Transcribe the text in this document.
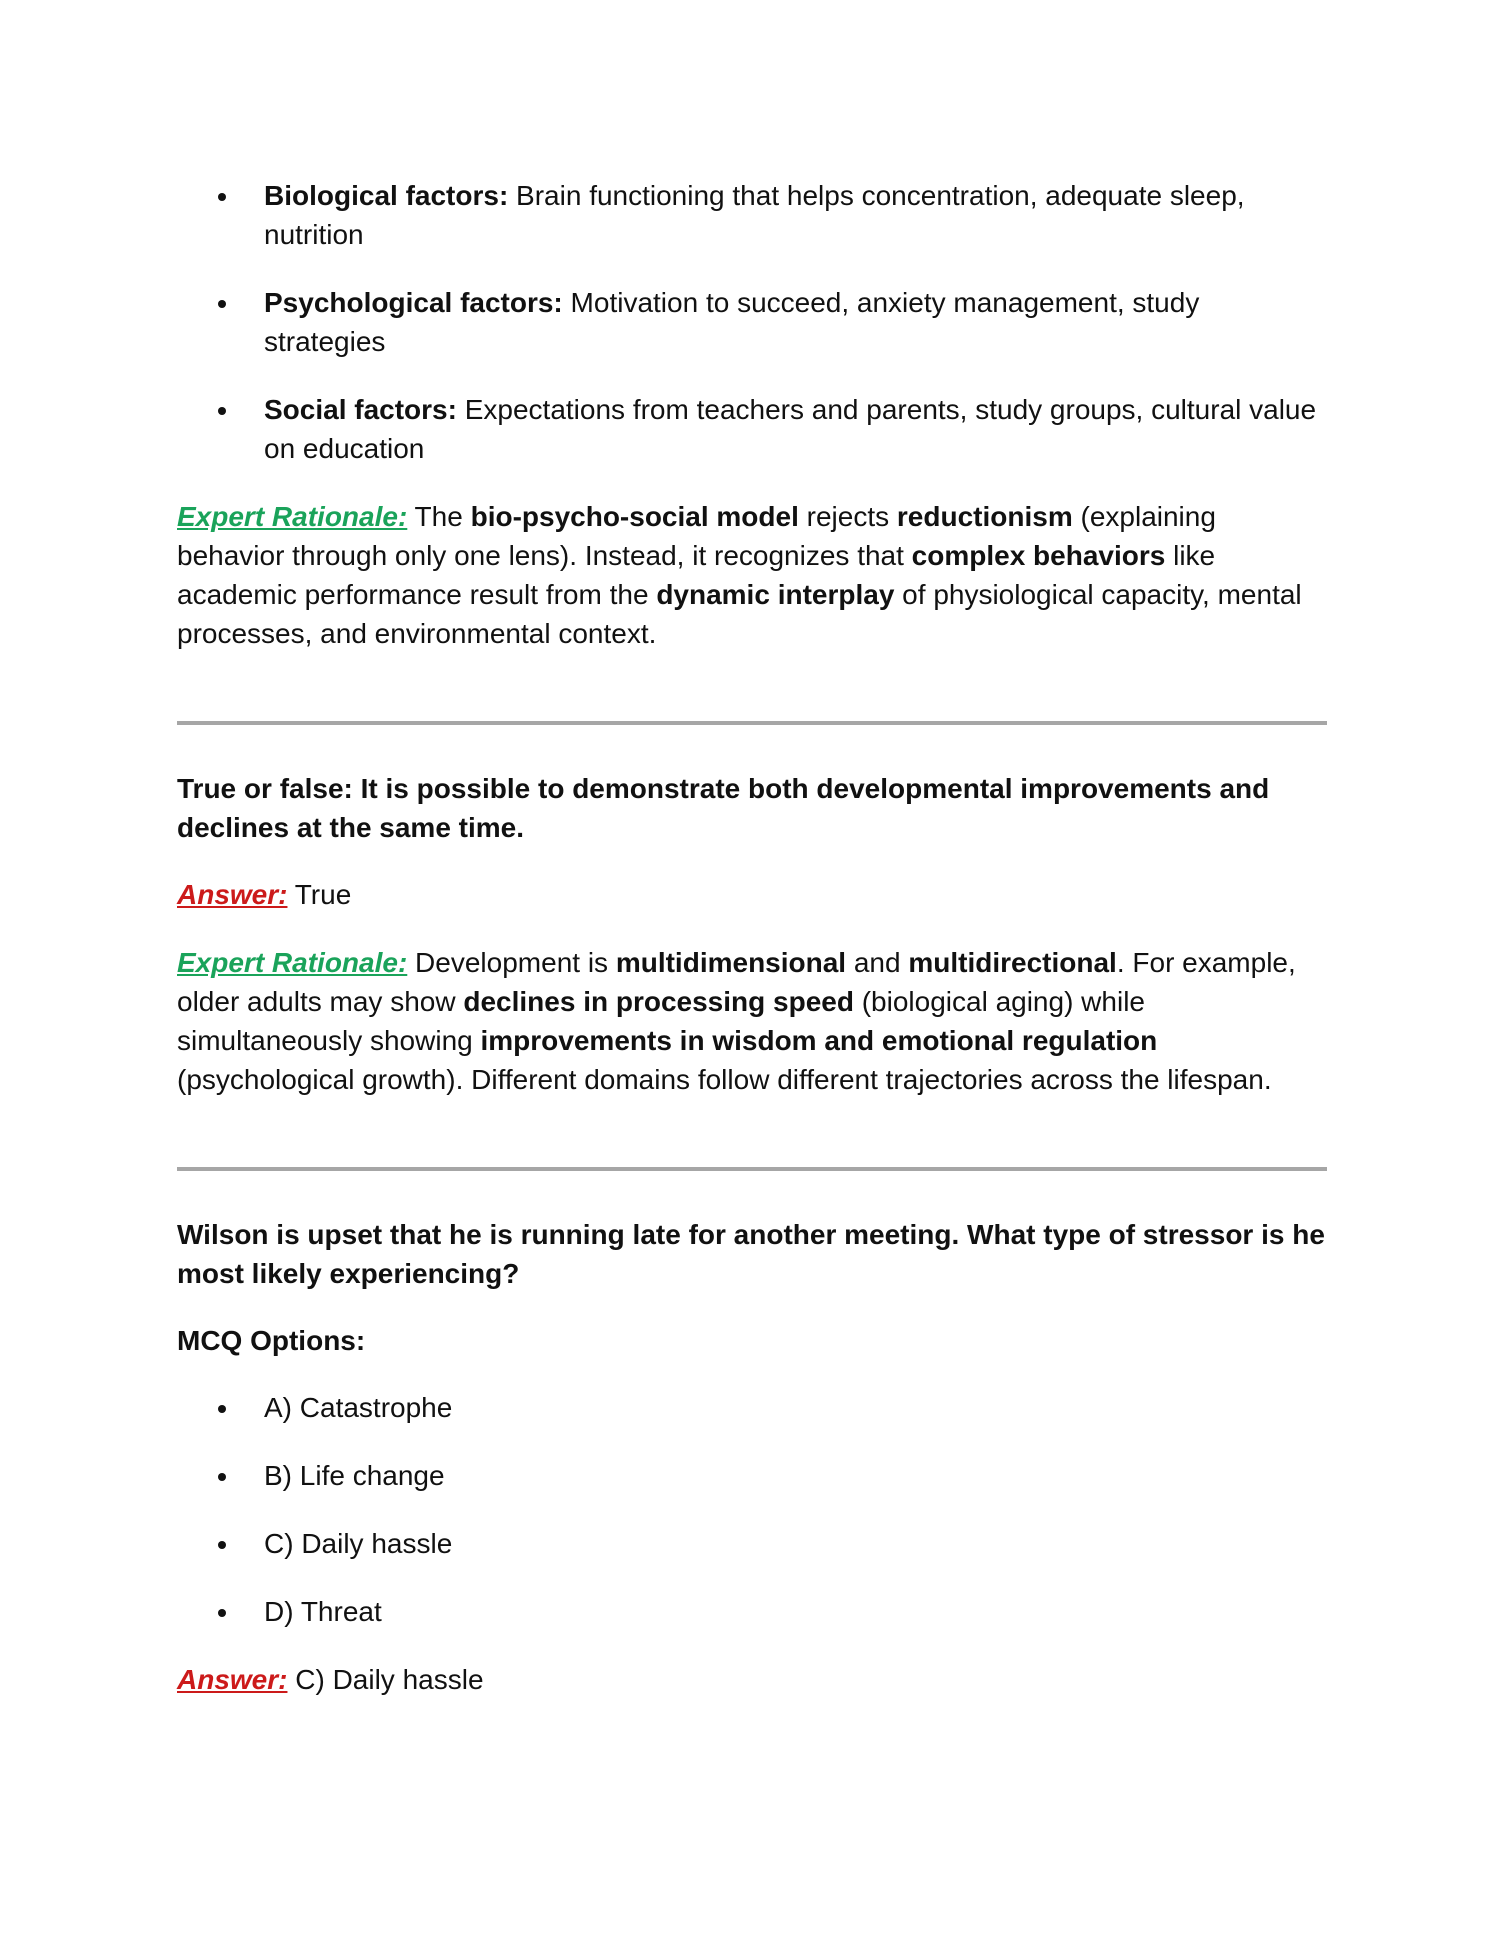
Biological factors: Brain functioning that helps concentration, adequate sleep, nutrition
Psychological factors: Motivation to succeed, anxiety management, study strategies
Social factors: Expectations from teachers and parents, study groups, cultural value on education

Expert Rationale: The bio-psycho-social model rejects reductionism (explaining behavior through only one lens). Instead, it recognizes that complex behaviors like academic performance result from the dynamic interplay of physiological capacity, mental processes, and environmental context.

True or false: It is possible to demonstrate both developmental improvements and declines at the same time.

Answer: True

Expert Rationale: Development is multidimensional and multidirectional. For example, older adults may show declines in processing speed (biological aging) while simultaneously showing improvements in wisdom and emotional regulation (psychological growth). Different domains follow different trajectories across the lifespan.

Wilson is upset that he is running late for another meeting. What type of stressor is he most likely experiencing?

MCQ Options:

A) Catastrophe
B) Life change
C) Daily hassle
D) Threat

Answer: C) Daily hassle
